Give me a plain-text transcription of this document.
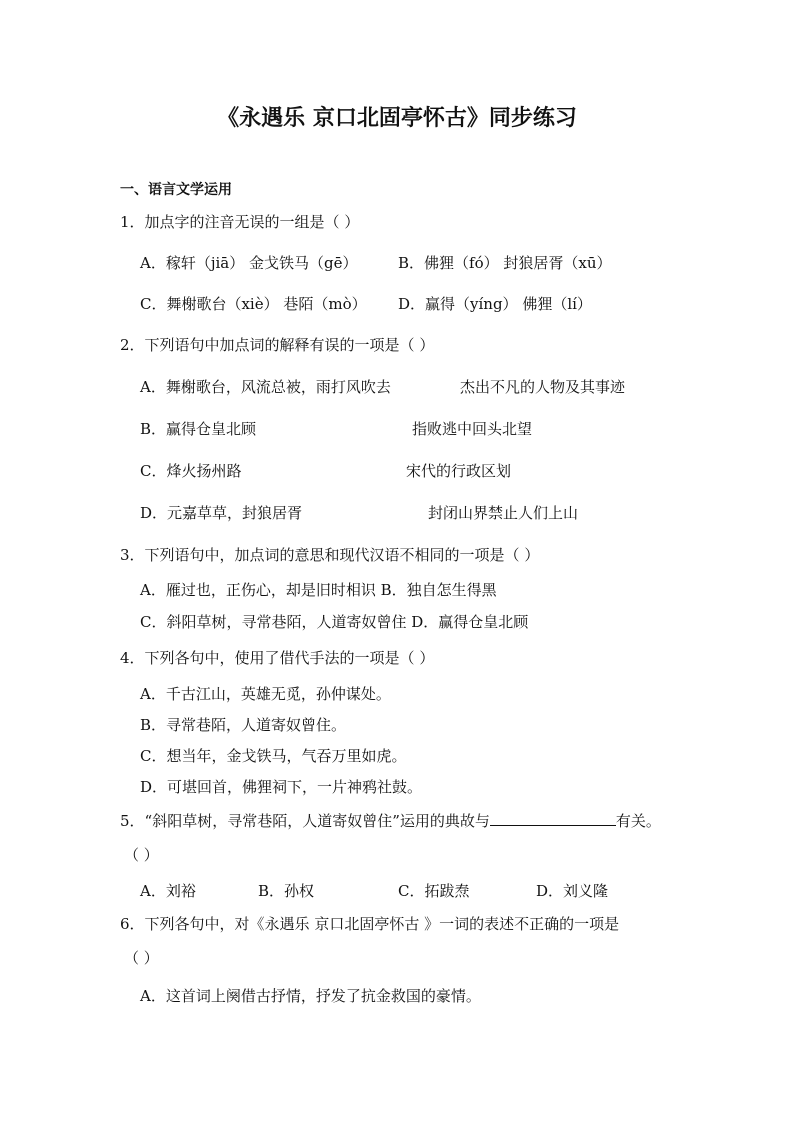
《永遇乐 京口北固亭怀古》同步练习
一、语言文学运用
1．加点字的注音无误的一组是（ ）
A．稼轩（jiā） 金戈铁马（gē）	B．佛狸（fó） 封狼居胥（xū）
C．舞榭歌台（xiè） 巷陌（mò） D．赢得（yíng） 佛狸（lí）
2．下列语句中加点词的解释有误的一项是（ ）
A．舞榭歌台，风流总被，雨打风吹去	杰出不凡的人物及其事迹
B．赢得仓皇北顾	指败逃中回头北望
C．烽火扬州路	宋代的行政区划
D．元嘉草草，封狼居胥	封闭山界禁止人们上山
3．下列语句中，加点词的意思和现代汉语不相同的一项是（ ）
A．雁过也，正伤心，却是旧时相识 B．独自怎生得黑
C．斜阳草树，寻常巷陌，人道寄奴曾住 D．赢得仓皇北顾
4．下列各句中，使用了借代手法的一项是（ ）
A．千古江山，英雄无觅，孙仲谋处。
B．寻常巷陌，人道寄奴曾住。
C．想当年，金戈铁马，气吞万里如虎。
D．可堪回首，佛狸祠下，一片神鸦社鼓。
5．“斜阳草树，寻常巷陌，人道寄奴曾住”运用的典故与	有关。
（ ）
A．刘裕	B．孙权	C．拓跋焘	D．刘义隆
6．下列各句中，对《永遇乐 京口北固亭怀古 》一词的表述不正确的一项是
（ ）
A．这首词上阕借古抒情，抒发了抗金救国的豪情。
